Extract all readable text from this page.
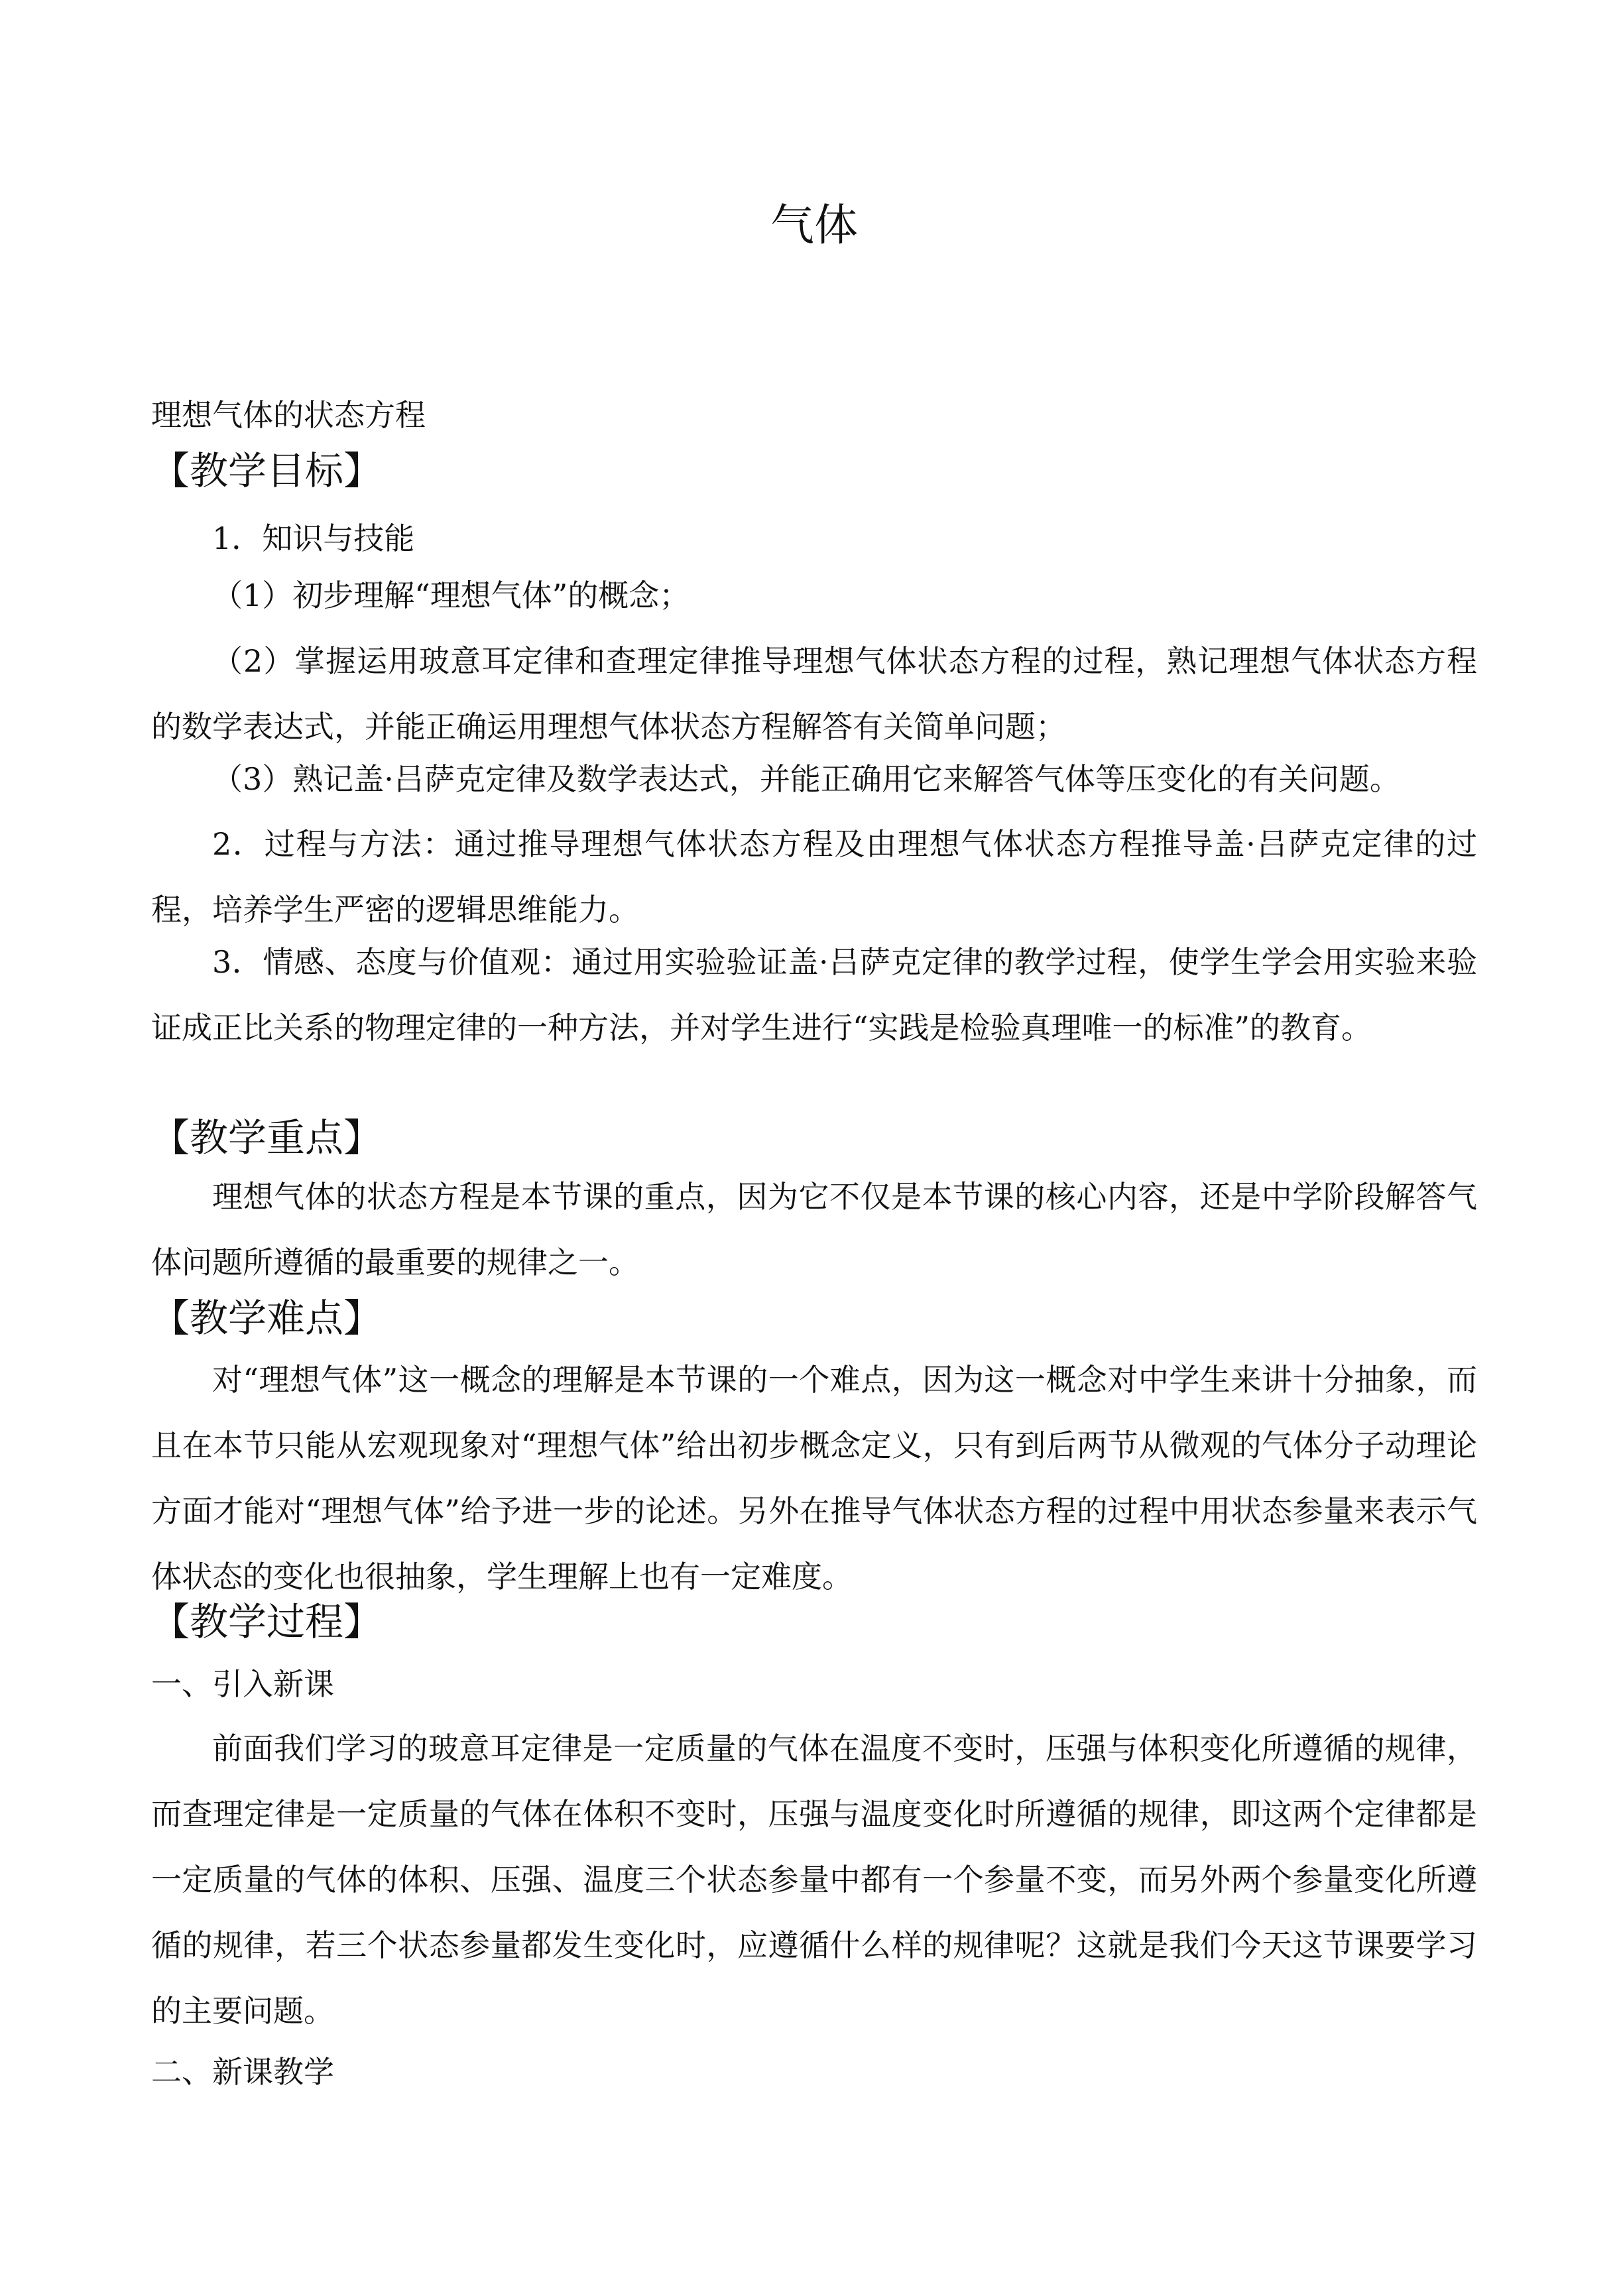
气体

理想气体的状态方程

【教学目标】

1．知识与技能

（1）初步理解“理想气体”的概念；

（2）掌握运用玻意耳定律和查理定律推导理想气体状态方程的过程，熟记理想气体状态方程的数学表达式，并能正确运用理想气体状态方程解答有关简单问题；

（3）熟记盖·吕萨克定律及数学表达式，并能正确用它来解答气体等压变化的有关问题。

2．过程与方法：通过推导理想气体状态方程及由理想气体状态方程推导盖·吕萨克定律的过程，培养学生严密的逻辑思维能力。

3．情感、态度与价值观：通过用实验验证盖·吕萨克定律的教学过程，使学生学会用实验来验证成正比关系的物理定律的一种方法，并对学生进行“实践是检验真理唯一的标准”的教育。

【教学重点】

理想气体的状态方程是本节课的重点，因为它不仅是本节课的核心内容，还是中学阶段解答气体问题所遵循的最重要的规律之一。

【教学难点】

对“理想气体”这一概念的理解是本节课的一个难点，因为这一概念对中学生来讲十分抽象，而且在本节只能从宏观现象对“理想气体”给出初步概念定义，只有到后两节从微观的气体分子动理论方面才能对“理想气体”给予进一步的论述。另外在推导气体状态方程的过程中用状态参量来表示气体状态的变化也很抽象，学生理解上也有一定难度。

【教学过程】

一、引入新课

前面我们学习的玻意耳定律是一定质量的气体在温度不变时，压强与体积变化所遵循的规律，而查理定律是一定质量的气体在体积不变时，压强与温度变化时所遵循的规律，即这两个定律都是一定质量的气体的体积、压强、温度三个状态参量中都有一个参量不变，而另外两个参量变化所遵循的规律，若三个状态参量都发生变化时，应遵循什么样的规律呢？这就是我们今天这节课要学习的主要问题。

二、新课教学
